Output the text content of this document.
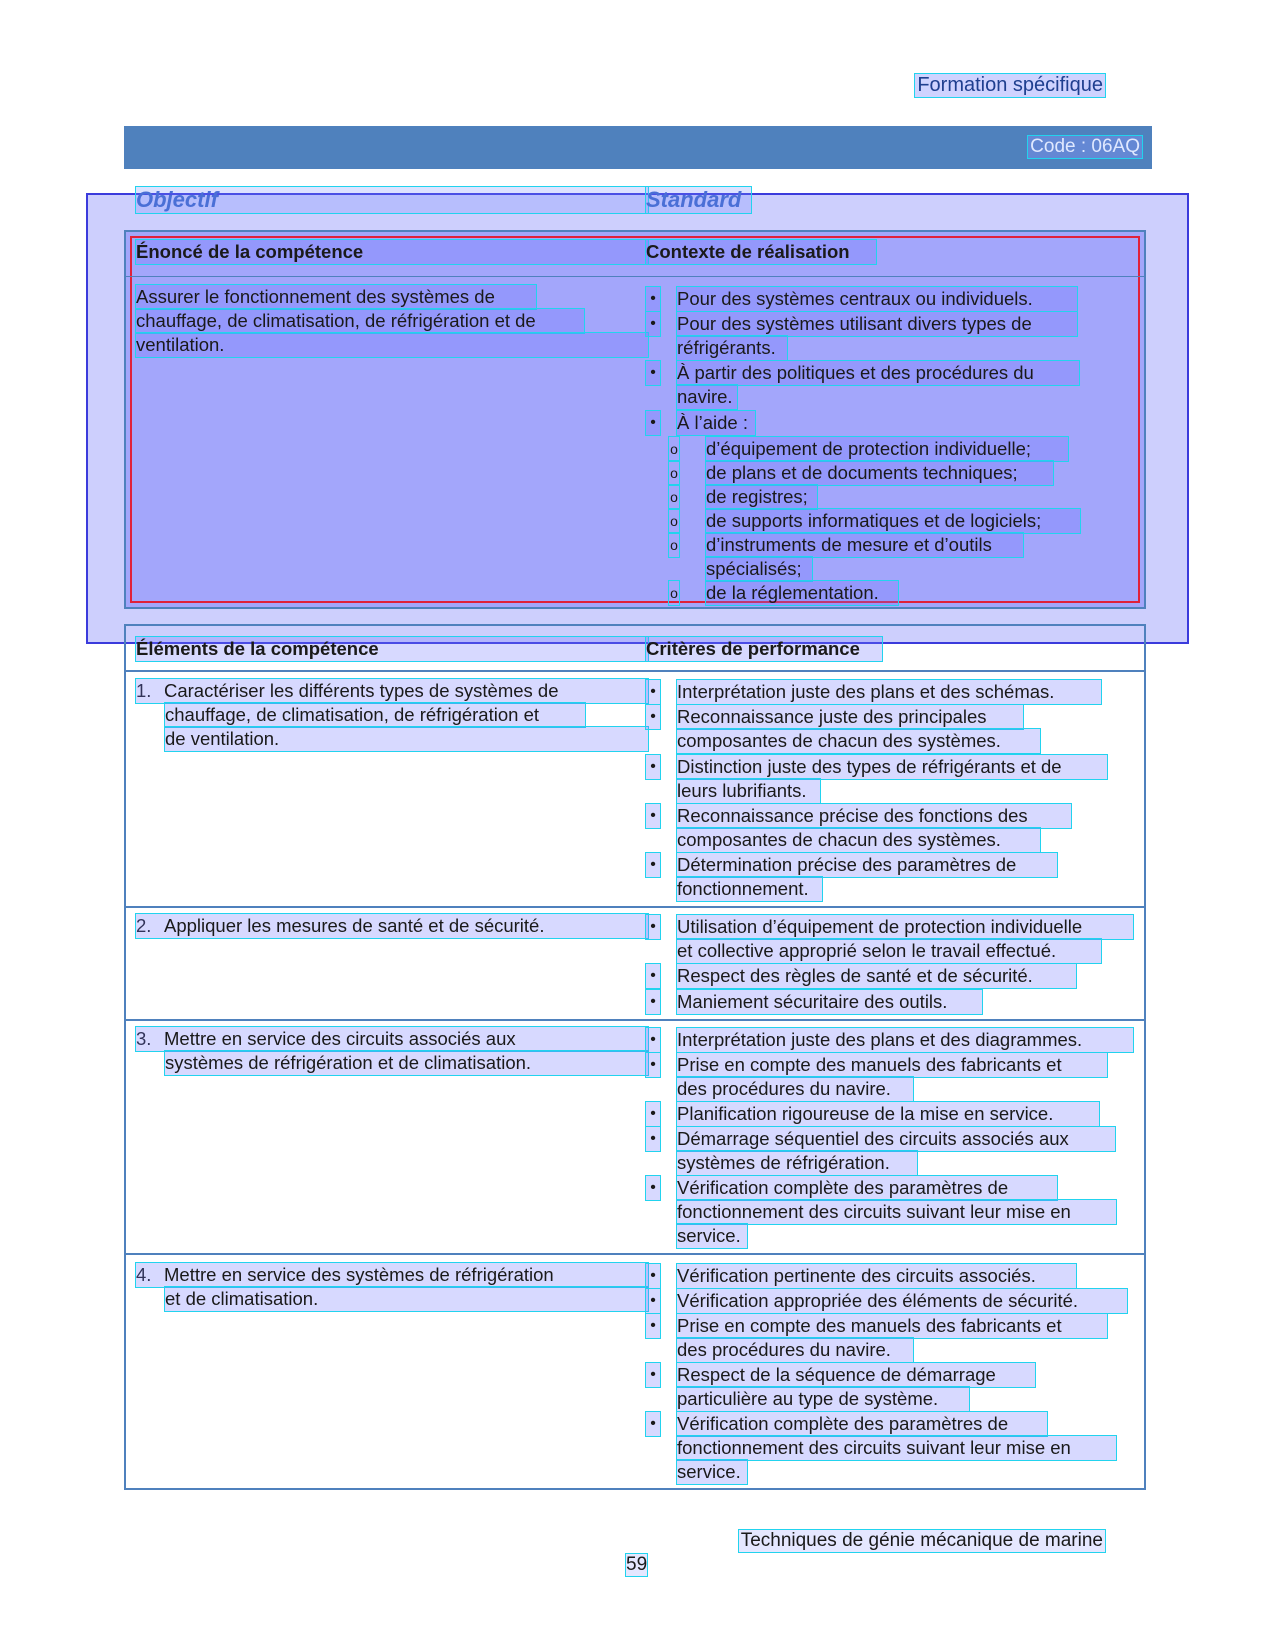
Formation spécifique
Code : 06AQ
Objectif	Standard
Énoncé de la compétence	Contexte de réalisation
Assurer le fonctionnement des systèmes de
chauffage, de climatisation, de réfrigération et de
ventilation.
• Pour des systèmes centraux ou individuels.
• Pour des systèmes utilisant divers types de
réfrigérants.
• À partir des politiques et des procédures du
navire.
• À l’aide :
o d’équipement de protection individuelle;
o de plans et de documents techniques;
o de registres;
o de supports informatiques et de logiciels;
o d’instruments de mesure et d’outils
spécialisés;
o de la réglementation.
Éléments de la compétence	Critères de performance
1. Caractériser les différents types de systèmes de
chauffage, de climatisation, de réfrigération et
de ventilation.
• Interprétation juste des plans et des schémas.
• Reconnaissance juste des principales
composantes de chacun des systèmes.
• Distinction juste des types de réfrigérants et de
leurs lubrifiants.
• Reconnaissance précise des fonctions des
composantes de chacun des systèmes.
• Détermination précise des paramètres de
fonctionnement.
2. Appliquer les mesures de santé et de sécurité.	• Utilisation d’équipement de protection individuelle
et collective approprié selon le travail effectué.
• Respect des règles de santé et de sécurité.
• Maniement sécuritaire des outils.
3. Mettre en service des circuits associés aux
systèmes de réfrigération et de climatisation.
• Interprétation juste des plans et des diagrammes.
• Prise en compte des manuels des fabricants et
des procédures du navire.
• Planification rigoureuse de la mise en service.
• Démarrage séquentiel des circuits associés aux
systèmes de réfrigération.
• Vérification complète des paramètres de
fonctionnement des circuits suivant leur mise en
service.
4. Mettre en service des systèmes de réfrigération
et de climatisation.
• Vérification pertinente des circuits associés.
• Vérification appropriée des éléments de sécurité.
• Prise en compte des manuels des fabricants et
des procédures du navire.
• Respect de la séquence de démarrage
particulière au type de système.
• Vérification complète des paramètres de
fonctionnement des circuits suivant leur mise en
service.
Techniques de génie mécanique de marine
59
